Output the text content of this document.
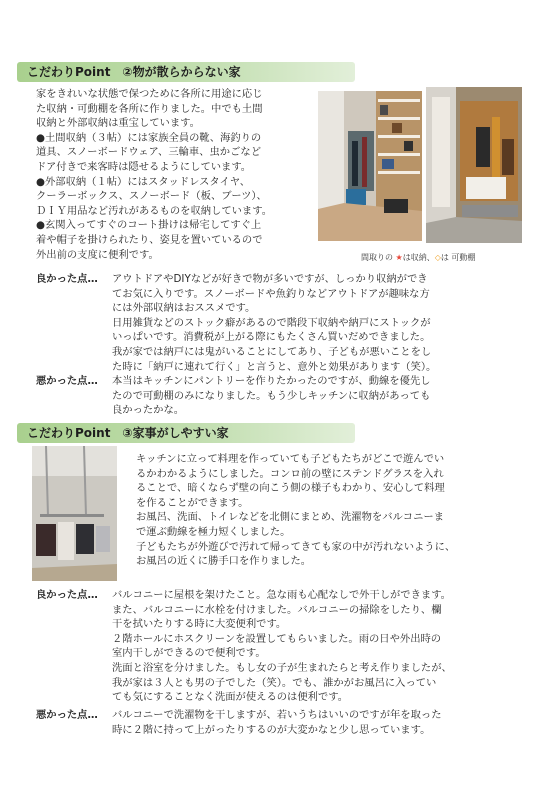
こだわりPoint　②物が散らからない家
家をきれいな状態で保つために各所に用途に応じ
た収納・可動棚を各所に作りました。中でも土間
収納と外部収納は重宝しています。
●土間収納（３帖）には家族全員の靴、海釣りの
道具、スノーボードウェア、三輪車、虫かごなど
ドア付きで来客時は隠せるようにしています。
●外部収納（１帖）にはスタッドレスタイヤ、
クーラーボックス、スノーボード（板、ブーツ）、
ＤＩＹ用品など汚れがあるものを収納しています。
●玄関入ってすぐのコート掛けは帰宅してすぐ上
着や帽子を掛けられたり、姿見を置いているので
外出前の支度に便利です。	間取りの ★は収納、◇は 可動棚
良かった点… アウトドアやDIYなどが好きで物が多いですが、しっかり収納ができ
てお気に入りです。スノーボードや魚釣りなどアウトドアが趣味な方
には外部収納はおススメです。
日用雑貨などのストック癖があるので階段下収納や納戸にストックが
いっぱいです。消費税が上がる際にもたくさん買いだめできました。
我が家では納戸には鬼がいることにしてあり、子どもが悪いことをし
た時に「納戸に連れて行く」と言うと、意外と効果があります（笑）。
悪かった点… 本当はキッチンにパントリーを作りたかったのですが、動線を優先し
たので可動棚のみになりました。もう少しキッチンに収納があっても
良かったかな。
こだわりPoint　③家事がしやすい家
キッチンに立って料理を作っていても子どもたちがどこで遊んでい
るかわかるようにしました。コンロ前の壁にステンドグラスを入れ
ることで、暗くならず壁の向こう側の様子もわかり、安心して料理
を作ることができます。
お風呂、洗面、トイレなどを北側にまとめ、洗濯物をバルコニーま
で運ぶ動線を極力短くしました。
子どもたちが外遊びで汚れて帰ってきても家の中が汚れないように、
お風呂の近くに勝手口を作りました。
良かった点… バルコニーに屋根を架けたこと。急な雨も心配なしで外干しができます。
また、バルコニーに水栓を付けました。バルコニーの掃除をしたり、欄
干を拭いたりする時に大変便利です。
２階ホールにホスクリーンを設置してもらいました。雨の日や外出時の
室内干しができるので便利です。
洗面と浴室を分けました。もし女の子が生まれたらと考え作りましたが、
我が家は３人とも男の子でした（笑）。でも、誰かがお風呂に入ってい
ても気にすることなく洗面が使えるのは便利です。
悪かった点… バルコニーで洗濯物を干しますが、若いうちはいいのですが年を取った
時に２階に持って上がったりするのが大変かなと少し思っています。
